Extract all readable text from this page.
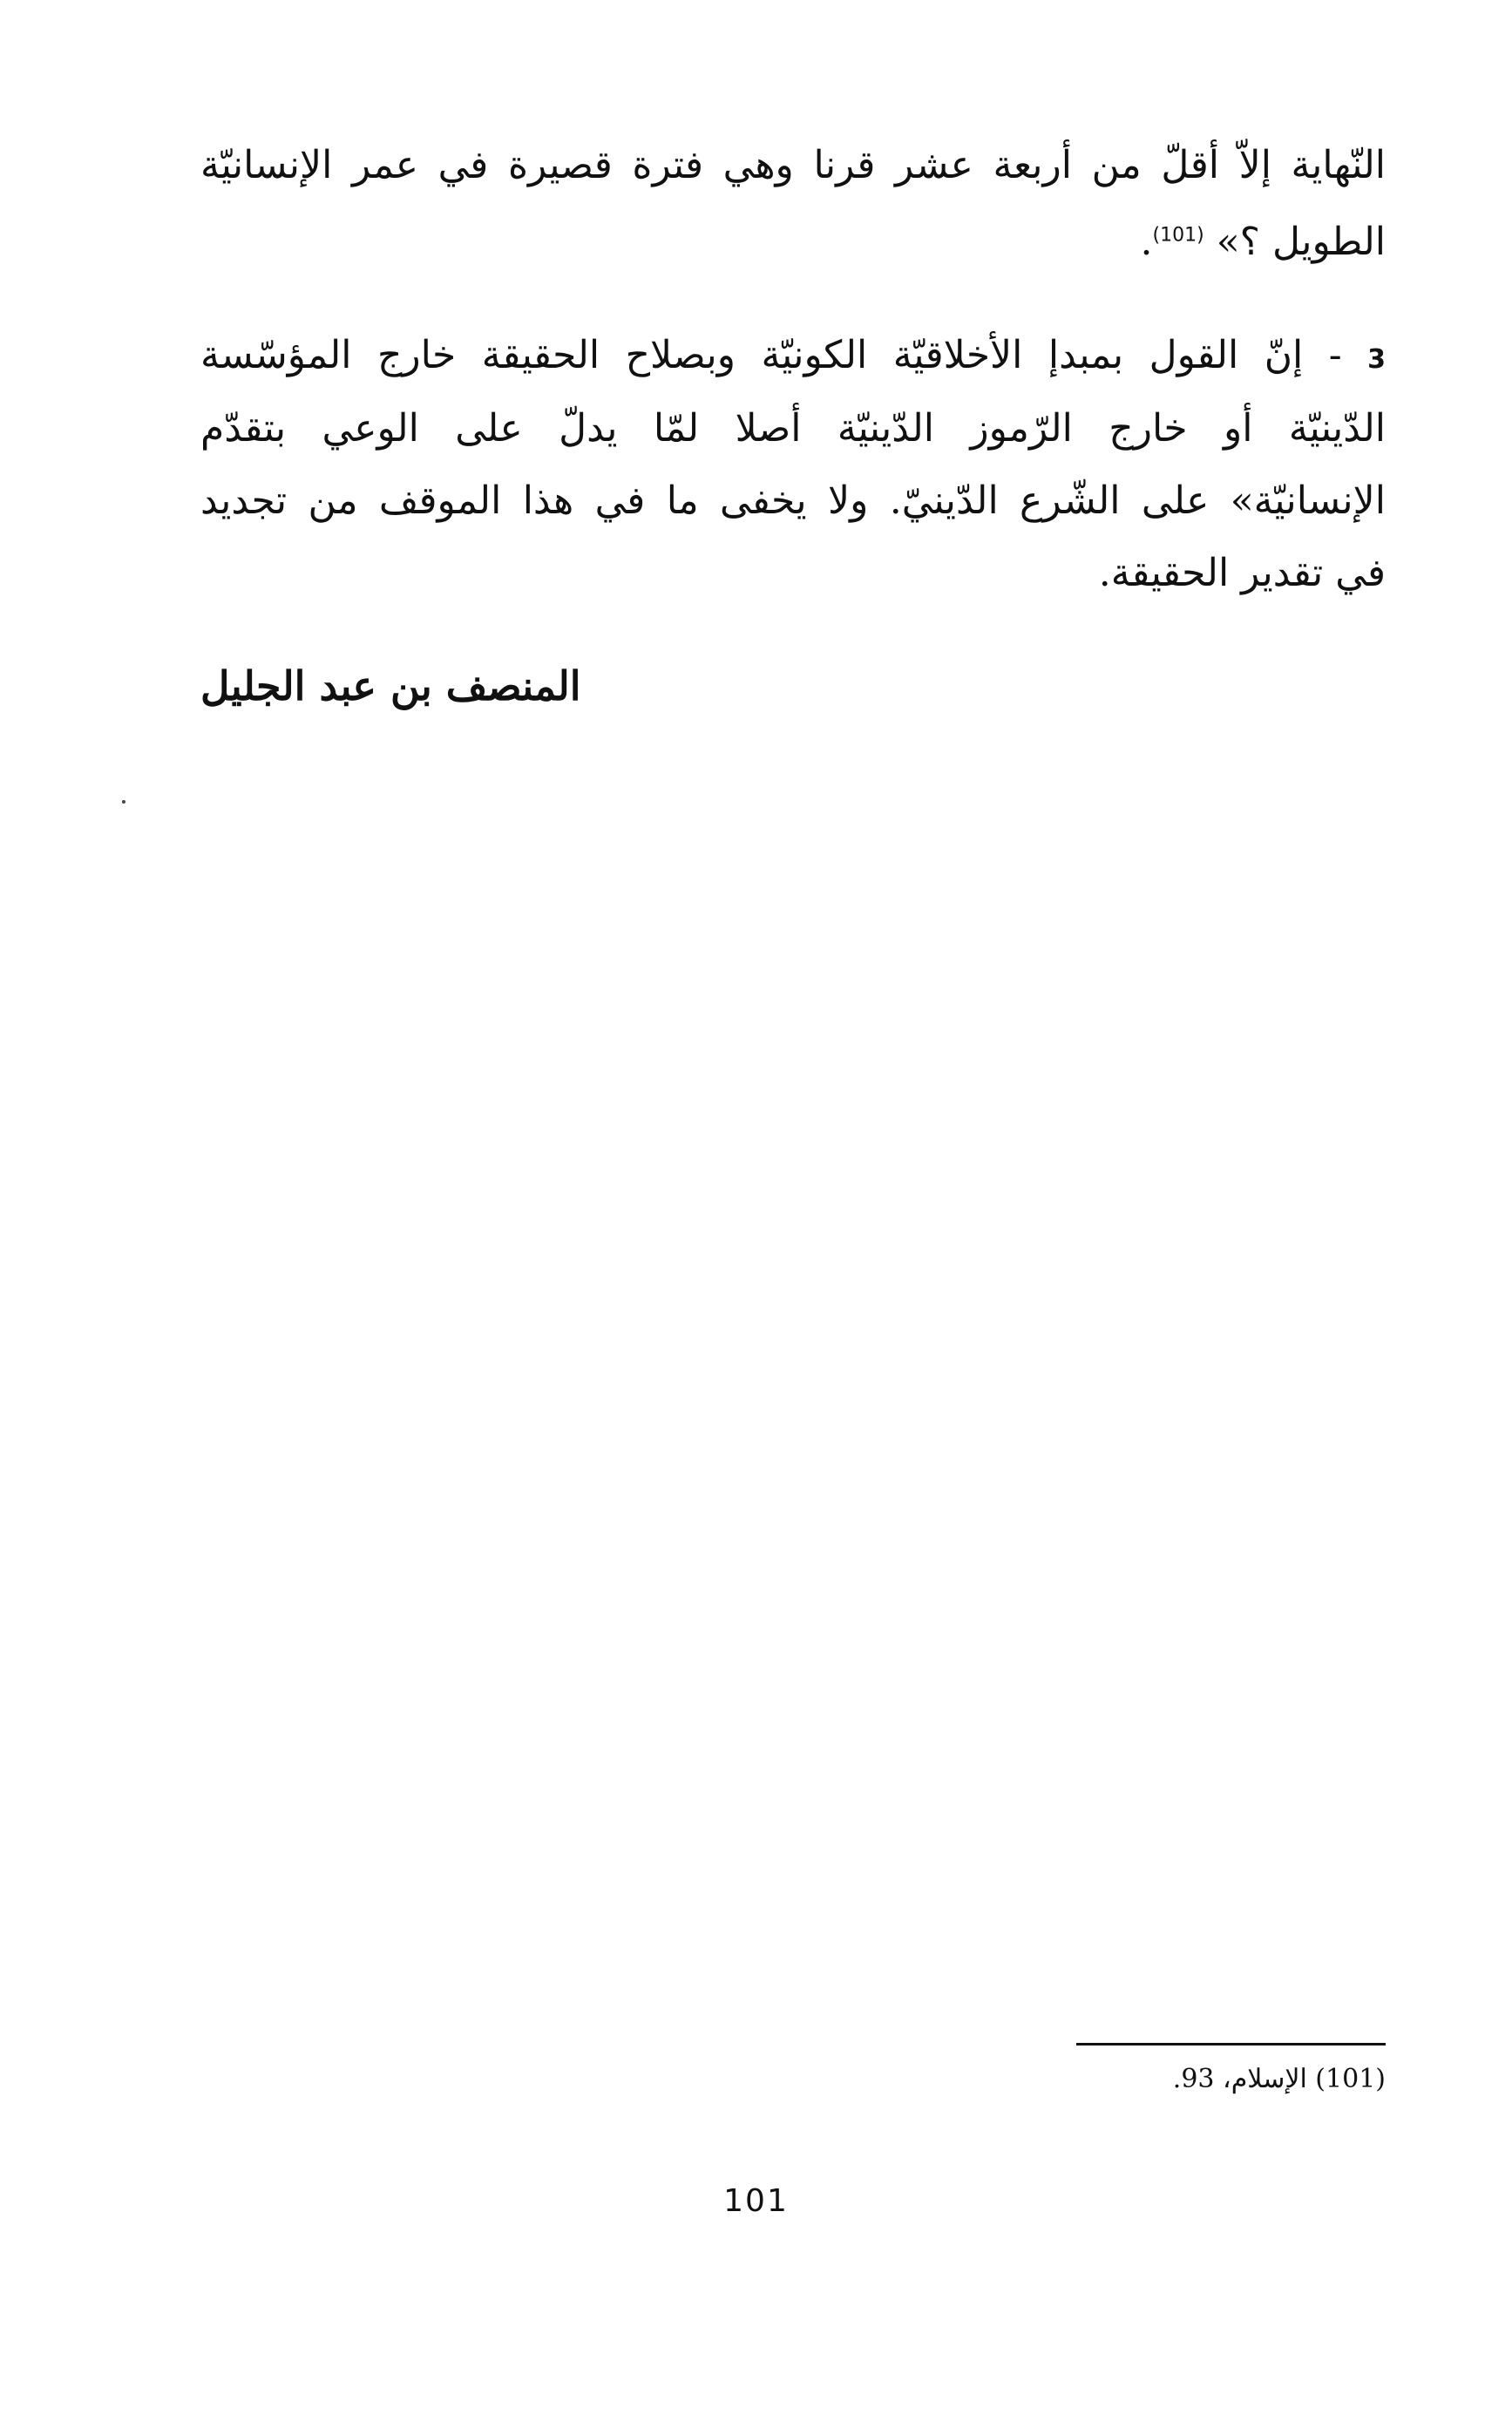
النّهاية إلاّ أقلّ من أربعة عشر قرنا وهي فترة قصيرة في عمر الإنسانيّة
الطويل ؟» $^{(101)}$.
3 - إنّ القول بمبدإ الأخلاقيّة الكونيّة وبصلاح الحقيقة خارج المؤسّسة
الدّينيّة أو خارج الرّموز الدّينيّة أصلا لمّا يدلّ على الوعي بتقدّم
الإنسانيّة» على الشّرع الدّينيّ. ولا يخفى ما في هذا الموقف من تجديد
في تقدير الحقيقة.
المنصف بن عبد الجليل
(101) الإسلام، 93.
101
